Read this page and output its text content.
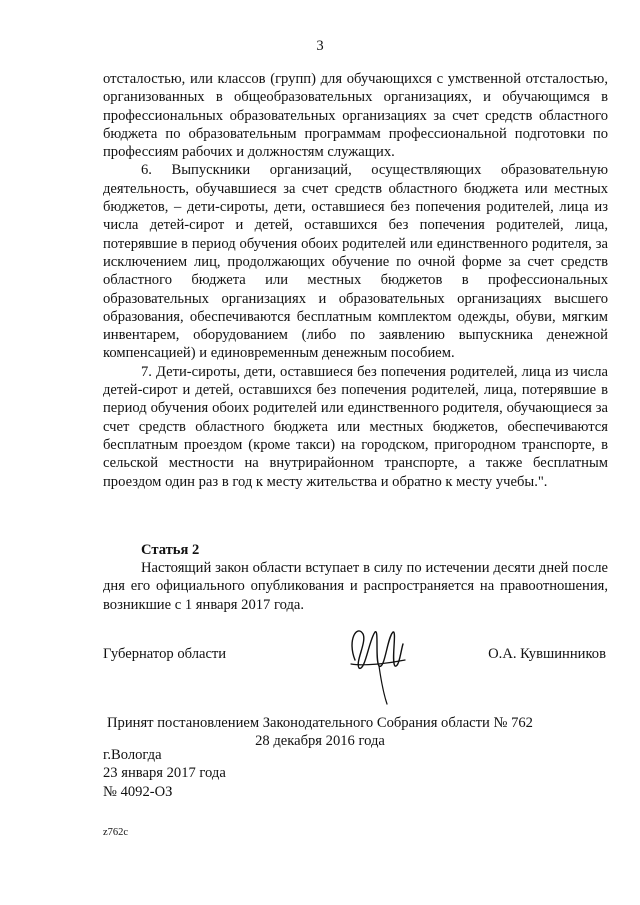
3

отсталостью, или классов (групп) для обучающихся с умственной отсталостью, организованных в общеобразовательных организациях, и обучающимся в профессиональных образовательных организациях за счет средств областного бюджета по образовательным программам профессиональной подготовки по профессиям рабочих и должностям служащих.

6. Выпускники организаций, осуществляющих образовательную деятельность, обучавшиеся за счет средств областного бюджета или местных бюджетов, – дети-сироты, дети, оставшиеся без попечения родителей, лица из числа детей-сирот и детей, оставшихся без попечения родителей, лица, потерявшие в период обучения обоих родителей или единственного родителя, за исключением лиц, продолжающих обучение по очной форме за счет средств областного бюджета или местных бюджетов в профессиональных образовательных организациях и образовательных организациях высшего образования, обеспечиваются бесплатным комплектом одежды, обуви, мягким инвентарем, оборудованием (либо по заявлению выпускника денежной компенсацией) и единовременным денежным пособием.

7. Дети-сироты, дети, оставшиеся без попечения родителей, лица из числа детей-сирот и детей, оставшихся без попечения родителей, лица, потерявшие в период обучения обоих родителей или единственного родителя, обучающиеся за счет средств областного бюджета или местных бюджетов, обеспечиваются бесплатным проездом (кроме такси) на городском, пригородном транспорте, в сельской местности на внутрирайонном транспорте, а также бесплатным проездом один раз в год к месту жительства и обратно к месту учебы.".

Статья 2

Настоящий закон области вступает в силу по истечении десяти дней после дня его официального опубликования и распространяется на правоотношения, возникшие с 1 января 2017 года.

Губернатор области	О.А. Кувшинников
Принят постановлением Законодательного Собрания области № 762
28 декабря 2016 года
г.Вологда
23 января 2017 года
№ 4092-ОЗ
z762c
